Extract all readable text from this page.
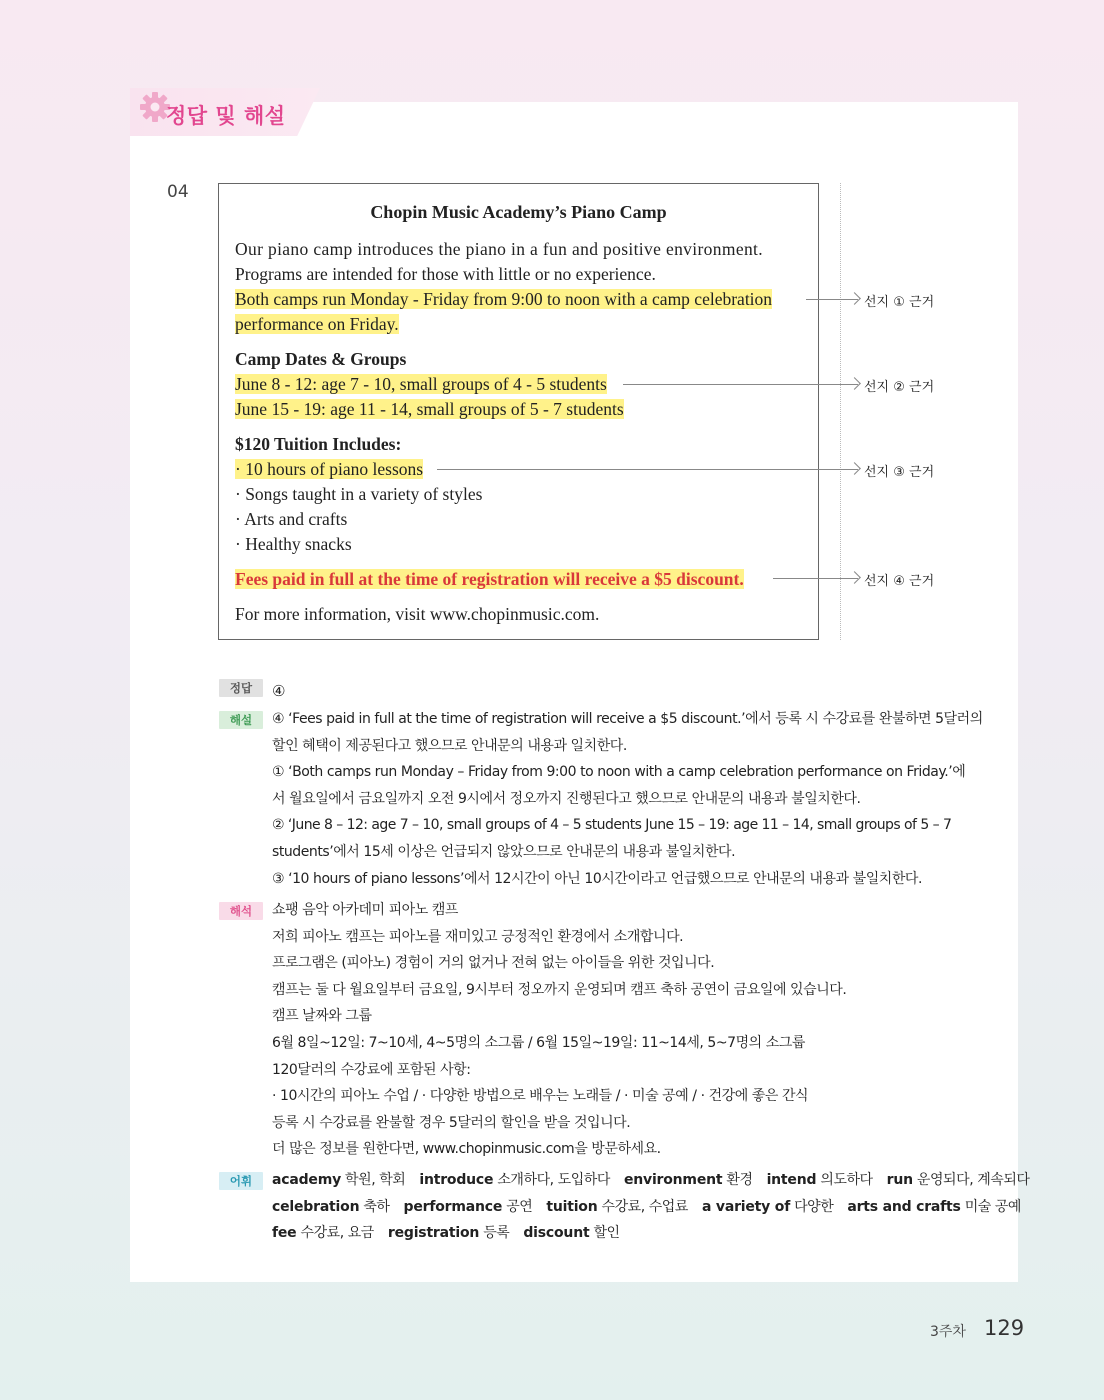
정답 및 해설
04
Chopin Music Academy’s Piano Camp
Our piano camp introduces the piano in a fun and positive environment.
Programs are intended for those with little or no experience.
Both camps run Monday - Friday from 9:00 to noon with a camp celebration
performance on Friday.
Camp Dates & Groups
June 8 - 12: age 7 - 10, small groups of 4 - 5 students
June 15 - 19: age 11 - 14, small groups of 5 - 7 students
$120 Tuition Includes:
· 10 hours of piano lessons
· Songs taught in a variety of styles
· Arts and crafts
· Healthy snacks
Fees paid in full at the time of registration will receive a $5 discount.
For more information, visit www.chopinmusic.com.
선지 ① 근거
선지 ② 근거
선지 ③ 근거
선지 ④ 근거
정답	④
해설	④ ‘Fees paid in full at the time of registration will receive a $5 discount.’에서 등록 시 수강료를 완불하면 5달러의
할인 혜택이 제공된다고 했으므로 안내문의 내용과 일치한다.
① ‘Both camps run Monday – Friday from 9:00 to noon with a camp celebration performance on Friday.’에
서 월요일에서 금요일까지 오전 9시에서 정오까지 진행된다고 했으므로 안내문의 내용과 불일치한다.
② ‘June 8 – 12: age 7 – 10, small groups of 4 – 5 students June 15 – 19: age 11 – 14, small groups of 5 – 7
students’에서 15세 이상은 언급되지 않았으므로 안내문의 내용과 불일치한다.
③ ‘10 hours of piano lessons’에서 12시간이 아닌 10시간이라고 언급했으므로 안내문의 내용과 불일치한다.
해석	쇼팽 음악 아카데미 피아노 캠프
저희 피아노 캠프는 피아노를 재미있고 긍정적인 환경에서 소개합니다.
프로그램은 (피아노) 경험이 거의 없거나 전혀 없는 아이들을 위한 것입니다.
캠프는 둘 다 월요일부터 금요일, 9시부터 정오까지 운영되며 캠프 축하 공연이 금요일에 있습니다.
캠프 날짜와 그룹
6월 8일~12일: 7~10세, 4~5명의 소그룹 / 6월 15일~19일: 11~14세, 5~7명의 소그룹
120달러의 수강료에 포함된 사항:
· 10시간의 피아노 수업 / · 다양한 방법으로 배우는 노래들 / · 미술 공예 / · 건강에 좋은 간식
등록 시 수강료를 완불할 경우 5달러의 할인을 받을 것입니다.
더 많은 정보를 원한다면, www.chopinmusic.com을 방문하세요.
어휘	academy 학원, 학회 introduce 소개하다, 도입하다 environment 환경 intend 의도하다 run 운영되다, 계속되다
celebration 축하 performance 공연 tuition 수강료, 수업료 a variety of 다양한 arts and crafts 미술 공예
fee 수강료, 요금 registration 등록 discount 할인
3주차 129
